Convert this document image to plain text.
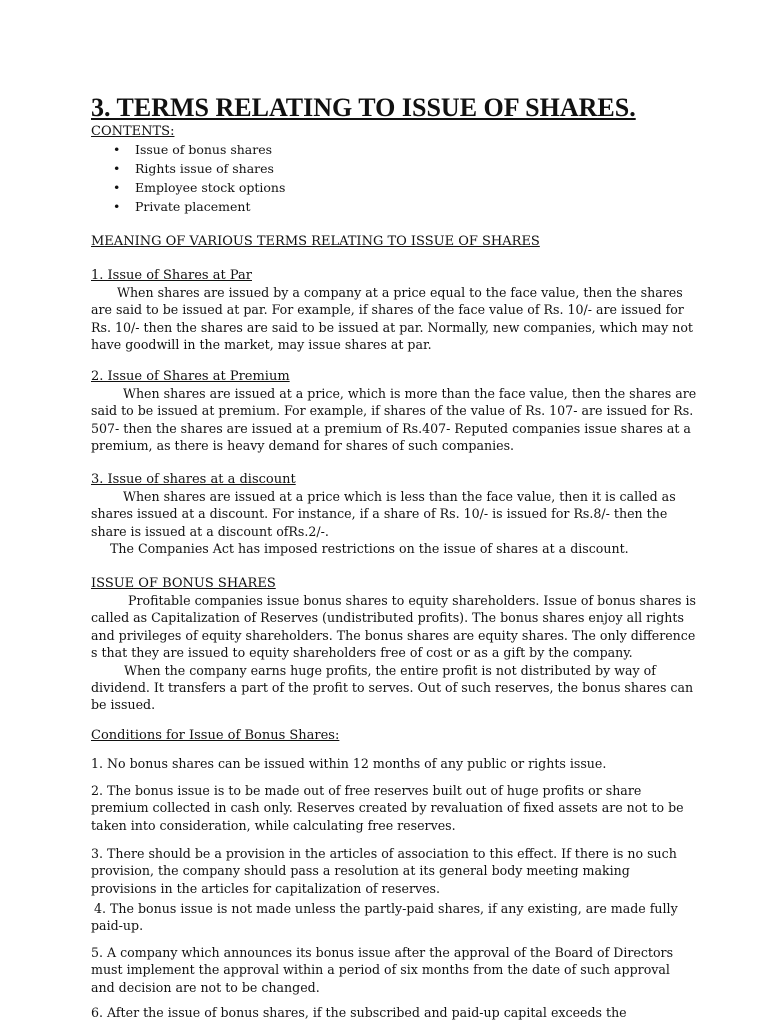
3. TERMS RELATING TO ISSUE OF SHARES.
CONTENTS:
• Issue of bonus shares
• Rights issue of shares
• Employee stock options
• Private placement
MEANING OF VARIOUS TERMS RELATING TO ISSUE OF SHARES
1. Issue of Shares at Par
When shares are issued by a company at a price equal to the face value, then the shares
are said to be issued at par. For example, if shares of the face value of Rs. 10/- are issued for
Rs. 10/- then the shares are said to be issued at par. Normally, new companies, which may not
have goodwill in the market, may issue shares at par.
2. Issue of Shares at Premium
When shares are issued at a price, which is more than the face value, then the shares are
said to be issued at premium. For example, if shares of the value of Rs. 107- are issued for Rs.
507- then the shares are issued at a premium of Rs.407- Reputed companies issue shares at a
premium, as there is heavy demand for shares of such companies.
3. Issue of shares at a discount
When shares are issued at a price which is less than the face value, then it is called as
shares issued at a discount. For instance, if a share of Rs. 10/- is issued for Rs.8/- then the
share is issued at a discount ofRs.2/-.
The Companies Act has imposed restrictions on the issue of shares at a discount.
ISSUE OF BONUS SHARES
Profitable companies issue bonus shares to equity shareholders. Issue of bonus shares is
called as Capitalization of Reserves (undistributed profits). The bonus shares enjoy all rights
and privileges of equity shareholders. The bonus shares are equity shares. The only difference
s that they are issued to equity shareholders free of cost or as a gift by the company.
When the company earns huge profits, the entire profit is not distributed by way of
dividend. It transfers a part of the profit to serves. Out of such reserves, the bonus shares can
be issued.
Conditions for Issue of Bonus Shares:
1. No bonus shares can be issued within 12 months of any public or rights issue.
2. The bonus issue is to be made out of free reserves built out of huge profits or share
premium collected in cash only. Reserves created by revaluation of fixed assets are not to be
taken into consideration, while calculating free reserves.
3. There should be a provision in the articles of association to this effect. If there is no such
provision, the company should pass a resolution at its general body meeting making
provisions in the articles for capitalization of reserves.
4. The bonus issue is not made unless the partly-paid shares, if any existing, are made fully
paid-up.
5. A company which announces its bonus issue after the approval of the Board of Directors
must implement the approval within a period of six months from the date of such approval
and decision are not to be changed.
6. After the issue of bonus shares, if the subscribed and paid-up capital exceeds the
